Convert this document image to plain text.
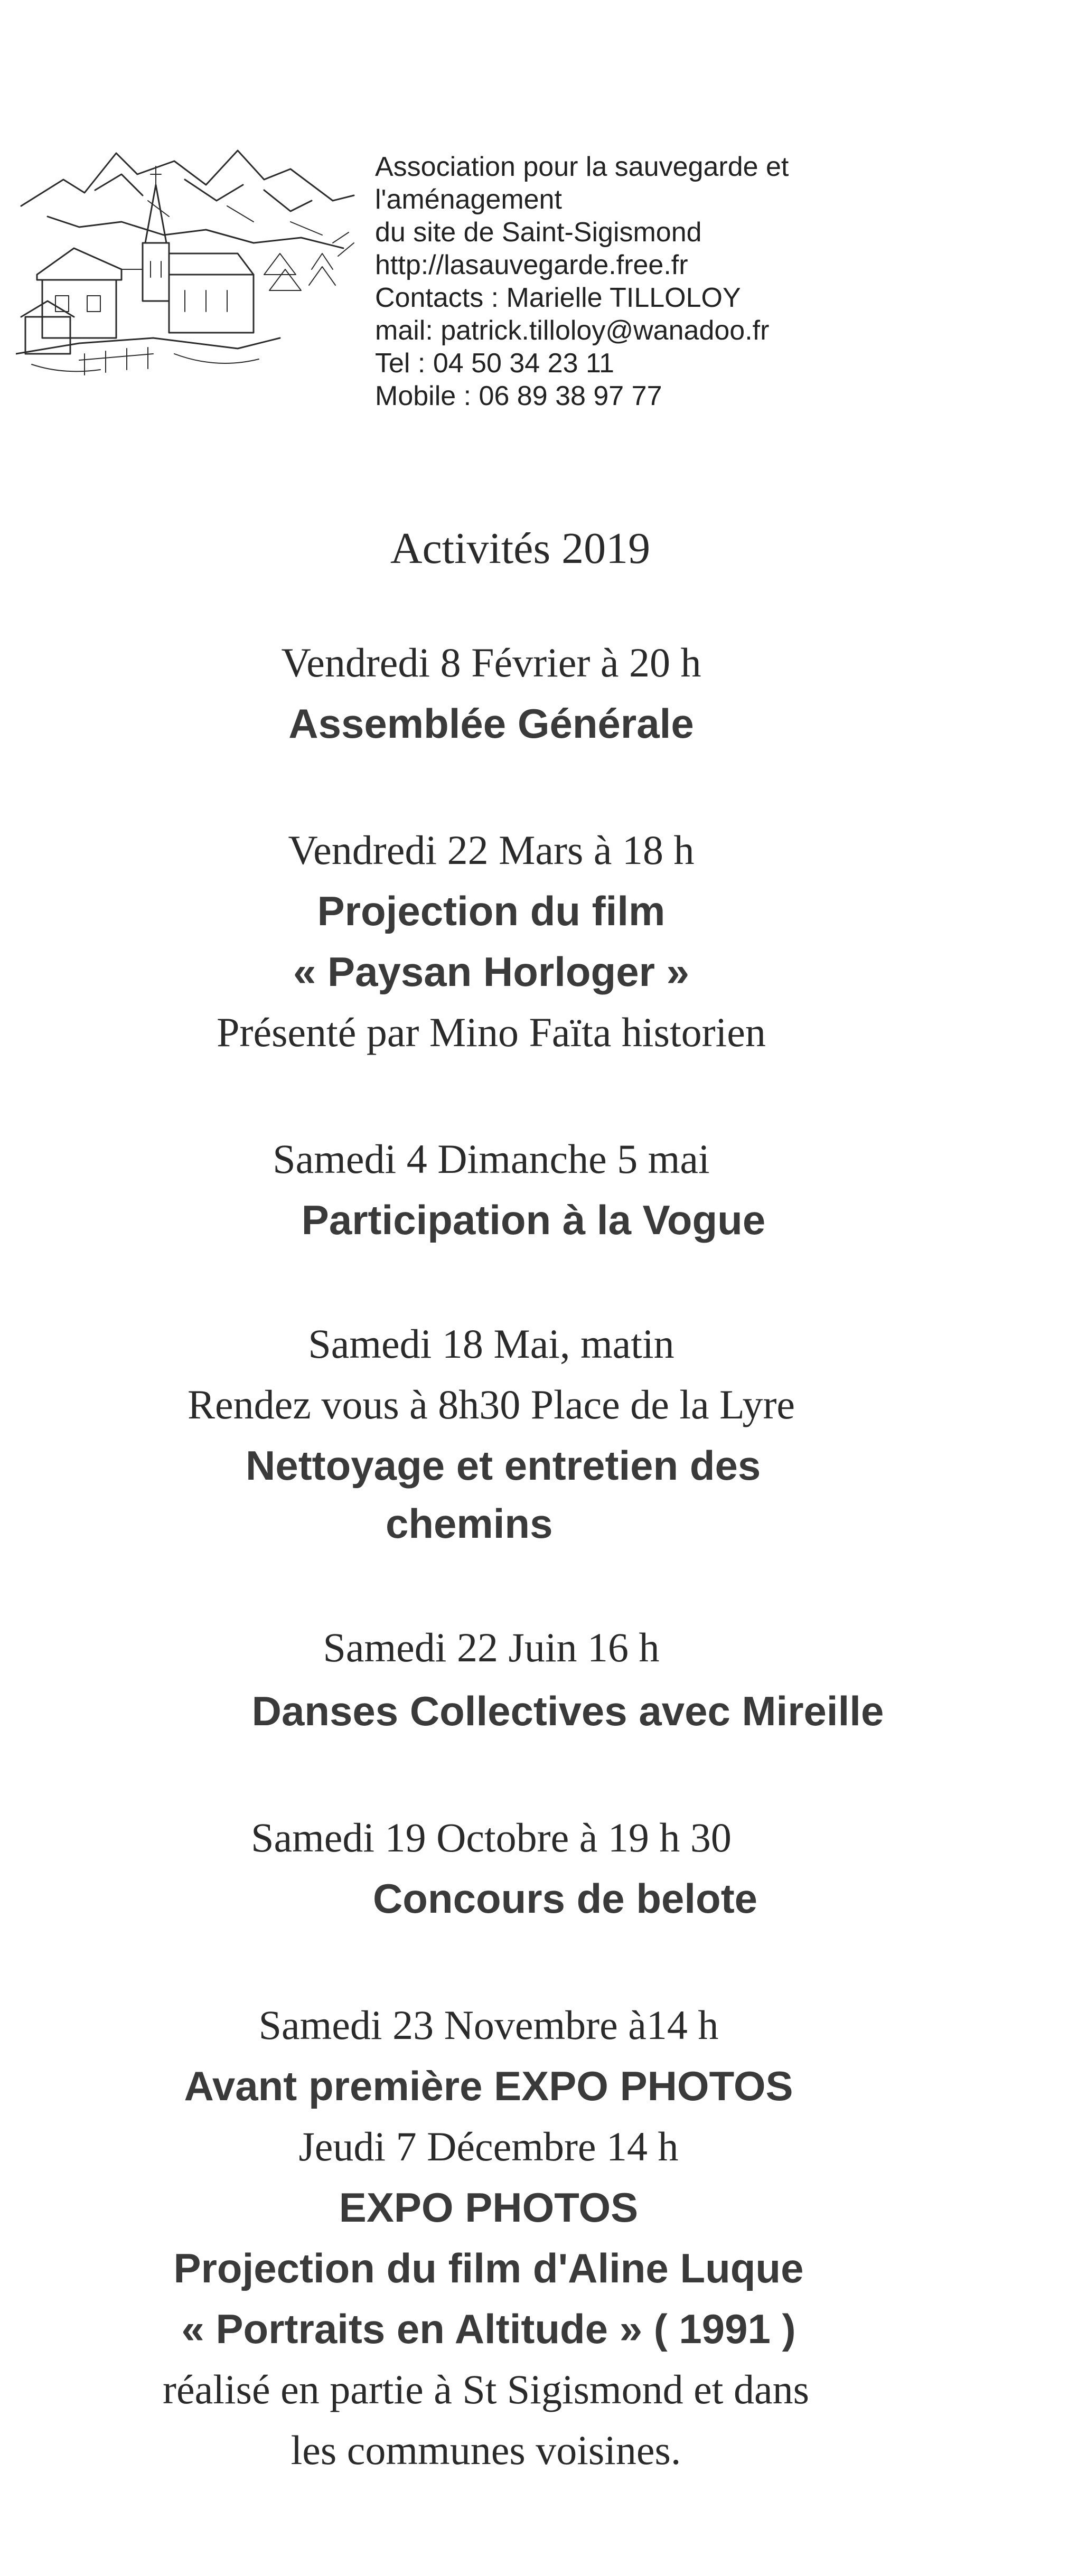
Association pour la sauvegarde et
l'aménagement
du site de Saint-Sigismond
http://lasauvegarde.free.fr
Contacts : Marielle TILLOLOY
mail: patrick.tilloloy@wanadoo.fr
Tel : 04 50 34 23 11
Mobile : 06 89 38 97 77
Activités 2019
Vendredi 8 Février à 20 h
Assemblée Générale
Vendredi 22 Mars à 18 h
Projection du film
« Paysan Horloger »
Présenté par Mino Faïta historien
Samedi 4 Dimanche 5 mai
Participation à la Vogue
Samedi 18 Mai, matin
Rendez vous à 8h30 Place de la Lyre
Nettoyage et entretien des
chemins
Samedi 22 Juin 16 h
Danses Collectives avec Mireille
Samedi 19 Octobre à 19 h 30
Concours de belote
Samedi 23 Novembre à14 h
Avant première EXPO PHOTOS
Jeudi 7 Décembre 14 h
EXPO PHOTOS
Projection du film d'Aline Luque
« Portraits en Altitude » ( 1991 )
réalisé en partie à St Sigismond et dans
les communes voisines.
